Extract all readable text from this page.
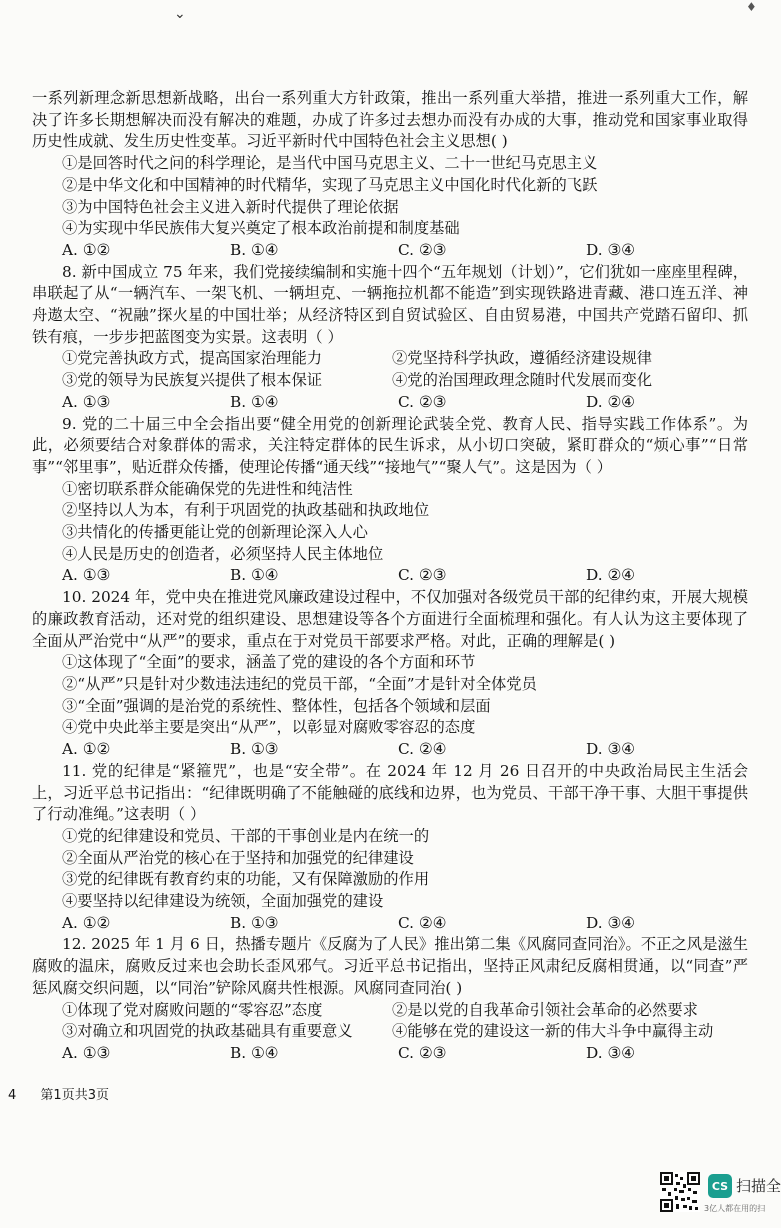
⌄	♦
一系列新理念新思想新战略，出台一系列重大方针政策，推出一系列重大举措，推进一系列重大工作，解决了许多长期想解决而没有解决的难题，办成了许多过去想办而没有办成的大事，推动党和国家事业取得历史性成就、发生历史性变革。习近平新时代中国特色社会主义思想( )
①是回答时代之问的科学理论，是当代中国马克思主义、二十一世纪马克思主义
②是中华文化和中国精神的时代精华，实现了马克思主义中国化时代化新的飞跃
③为中国特色社会主义进入新时代提供了理论依据
④为实现中华民族伟大复兴奠定了根本政治前提和制度基础
A. ①②	B. ①④	C. ②③	D. ③④
8. 新中国成立 75 年来，我们党接续编制和实施十四个“五年规划（计划）”，它们犹如一座座里程碑，串联起了从“一辆汽车、一架飞机、一辆坦克、一辆拖拉机都不能造”到实现铁路进青藏、港口连五洋、神舟遨太空、“祝融”探火星的中国壮举；从经济特区到自贸试验区、自由贸易港，中国共产党踏石留印、抓铁有痕，一步步把蓝图变为实景。这表明（ ）
①党完善执政方式，提高国家治理能力	②党坚持科学执政，遵循经济建设规律
③党的领导为民族复兴提供了根本保证	④党的治国理政理念随时代发展而变化
A. ①③	B. ①④	C. ②③	D. ②④
9. 党的二十届三中全会指出要“健全用党的创新理论武装全党、教育人民、指导实践工作体系”。为此，必须要结合对象群体的需求，关注特定群体的民生诉求，从小切口突破，紧盯群众的“烦心事”“日常事”“邻里事”，贴近群众传播，使理论传播“通天线”“接地气”“聚人气”。这是因为（ ）
①密切联系群众能确保党的先进性和纯洁性
②坚持以人为本，有利于巩固党的执政基础和执政地位
③共情化的传播更能让党的创新理论深入人心
④人民是历史的创造者，必须坚持人民主体地位
A. ①③	B. ①④	C. ②③	D. ②④
10. 2024 年，党中央在推进党风廉政建设过程中，不仅加强对各级党员干部的纪律约束，开展大规模的廉政教育活动，还对党的组织建设、思想建设等各个方面进行全面梳理和强化。有人认为这主要体现了全面从严治党中“从严”的要求，重点在于对党员干部要求严格。对此，正确的理解是( )
①这体现了“全面”的要求，涵盖了党的建设的各个方面和环节
②“从严”只是针对少数违法违纪的党员干部，“全面”才是针对全体党员
③“全面”强调的是治党的系统性、整体性，包括各个领域和层面
④党中央此举主要是突出“从严”，以彰显对腐败零容忍的态度
A. ①②	B. ①③	C. ②④	D. ③④
11. 党的纪律是“紧箍咒”，也是“安全带”。在 2024 年 12 月 26 日召开的中央政治局民主生活会上，习近平总书记指出：“纪律既明确了不能触碰的底线和边界，也为党员、干部干净干事、大胆干事提供了行动准绳。”这表明（ ）
①党的纪律建设和党员、干部的干事创业是内在统一的
②全面从严治党的核心在于坚持和加强党的纪律建设
③党的纪律既有教育约束的功能，又有保障激励的作用
④要坚持以纪律建设为统领，全面加强党的建设
A. ①②	B. ①③	C. ②④	D. ③④
12. 2025 年 1 月 6 日，热播专题片《反腐为了人民》推出第二集《风腐同查同治》。不正之风是滋生腐败的温床，腐败反过来也会助长歪风邪气。习近平总书记指出，坚持正风肃纪反腐相贯通，以“同查”严惩风腐交织问题，以“同治”铲除风腐共性根源。风腐同查同治( )
①体现了党对腐败问题的“零容忍”态度	②是以党的自我革命引领社会革命的必然要求
③对确立和巩固党的执政基础具有重要意义	④能够在党的建设这一新的伟大斗争中赢得主动
A. ①③	B. ①④	C. ②③	D. ③④
4 第1页共3页
CS 扫描全
3亿人都在用的扫
